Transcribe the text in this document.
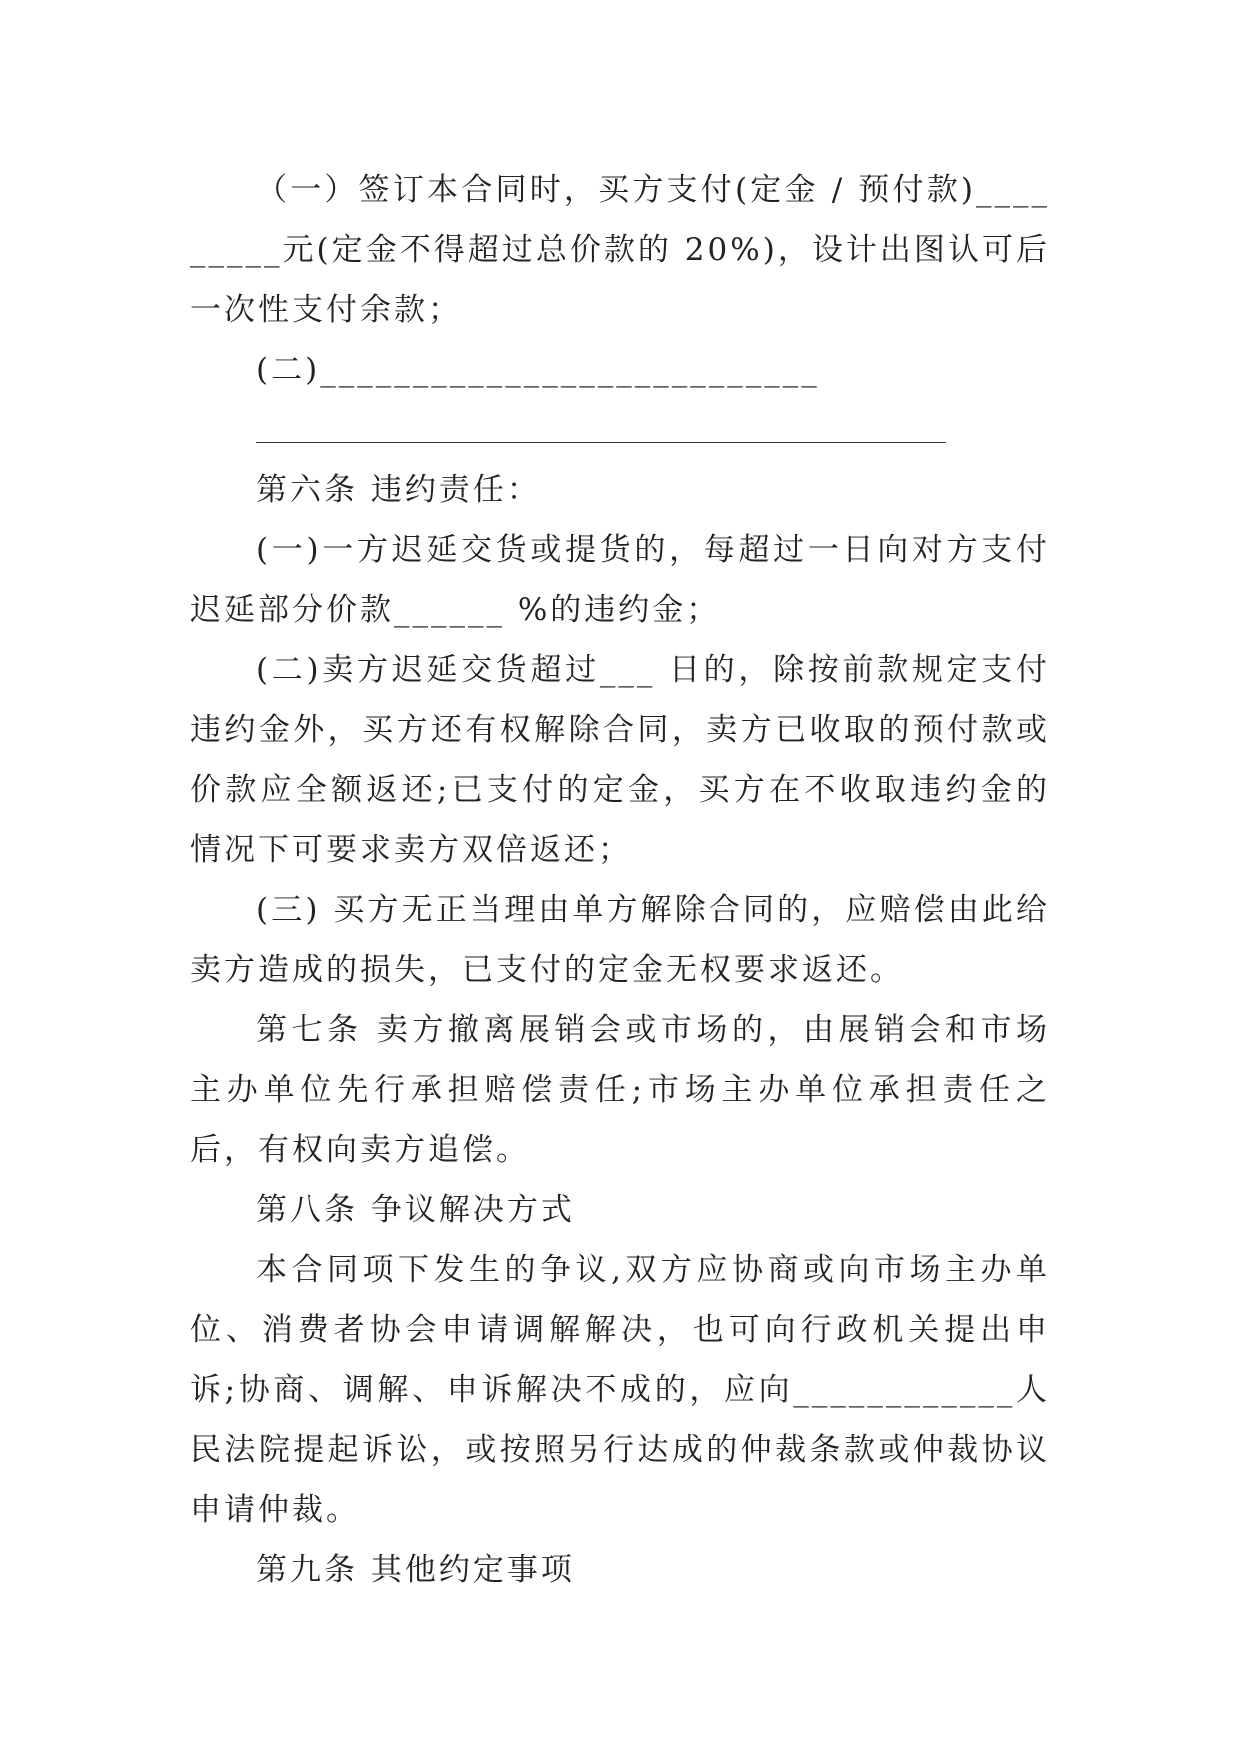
（一）签订本合同时，买方支付(定金 / 预付款)_________元(定金不得超过总价款的 20%)，设计出图认可后一次性支付余款；

(二)___________________________

第六条 违约责任：

(一)一方迟延交货或提货的，每超过一日向对方支付迟延部分价款______ %的违约金；

(二)卖方迟延交货超过___ 日的，除按前款规定支付违约金外，买方还有权解除合同，卖方已收取的预付款或价款应全额返还;已支付的定金，买方在不收取违约金的情况下可要求卖方双倍返还；

(三) 买方无正当理由单方解除合同的，应赔偿由此给卖方造成的损失，已支付的定金无权要求返还。

第七条 卖方撤离展销会或市场的，由展销会和市场主办单位先行承担赔偿责任;市场主办单位承担责任之后，有权向卖方追偿。

第八条 争议解决方式

本合同项下发生的争议,双方应协商或向市场主办单位、消费者协会申请调解解决，也可向行政机关提出申诉;协商、调解、申诉解决不成的，应向____________人民法院提起诉讼，或按照另行达成的仲裁条款或仲裁协议申请仲裁。

第九条 其他约定事项
